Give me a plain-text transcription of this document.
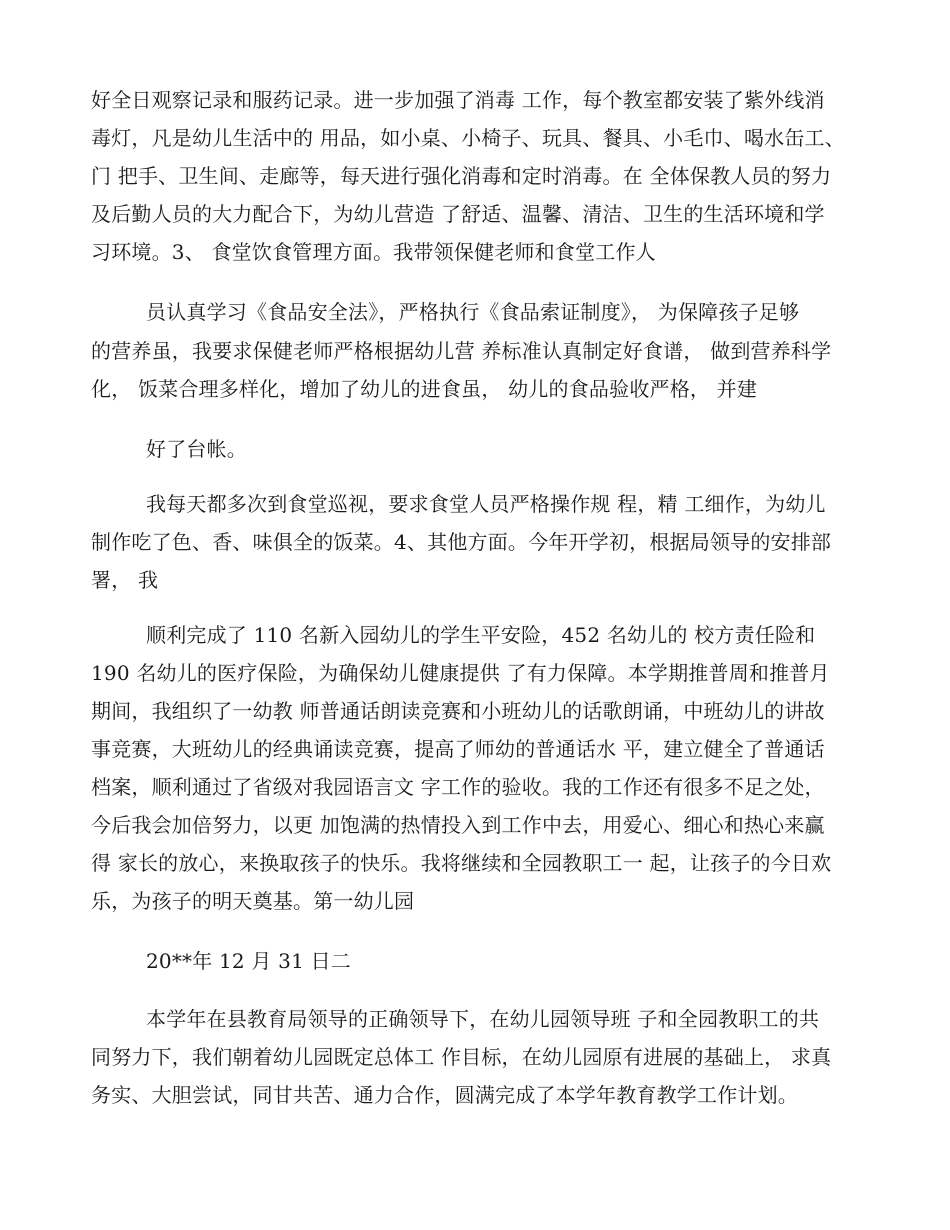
好全日观察记录和服药记录。进一步加强了消毒 工作，每个教室都安装了紫外线消
毒灯，凡是幼儿生活中的 用品，如小桌、小椅子、玩具、餐具、小毛巾、喝水缶工、
门 把手、卫生间、走廊等，每天进行强化消毒和定时消毒。在 全体保教人员的努力
及后勤人员的大力配合下，为幼儿营造 了舒适、温馨、清洁、卫生的生活环境和学
习环境。3、 食堂饮食管理方面。我带领保健老师和食堂工作人
员认真学习《食品安全法》，严格执行《食品索证制度》， 为保障孩子足够
的营养虽，我要求保健老师严格根据幼儿营 养标准认真制定好食谱， 做到营养科学
化， 饭菜合理多样化，增加了幼儿的进食虽， 幼儿的食品验收严格， 并建
好了台帐。
我每天都多次到食堂巡视，要求食堂人员严格操作规 程，精 工细作，为幼儿
制作吃了色、香、味俱全的饭菜。4、其他方面。今年开学初，根据局领导的安排部
署， 我
顺利完成了 110 名新入园幼儿的学生平安险，452 名幼儿的 校方责任险和
190 名幼儿的医疗保险，为确保幼儿健康提供 了有力保障。本学期推普周和推普月
期间，我组织了一幼教 师普通话朗读竞赛和小班幼儿的话歌朗诵，中班幼儿的讲故
事竞赛，大班幼儿的经典诵读竞赛，提高了师幼的普通话水 平，建立健全了普通话
档案，顺利通过了省级对我园语言文 字工作的验收。我的工作还有很多不足之处，
今后我会加倍努力，以更 加饱满的热情投入到工作中去，用爱心、细心和热心来赢
得 家长的放心，来换取孩子的快乐。我将继续和全园教职工一 起，让孩子的今日欢
乐，为孩子的明天奠基。第一幼儿园
20**年 12 月 31 日二
本学年在县教育局领导的正确领导下，在幼儿园领导班 子和全园教职工的共
同努力下，我们朝着幼儿园既定总体工 作目标，在幼儿园原有进展的基础上， 求真
务实、大胆尝试，同甘共苦、通力合作，圆满完成了本学年教育教学工作计划。
